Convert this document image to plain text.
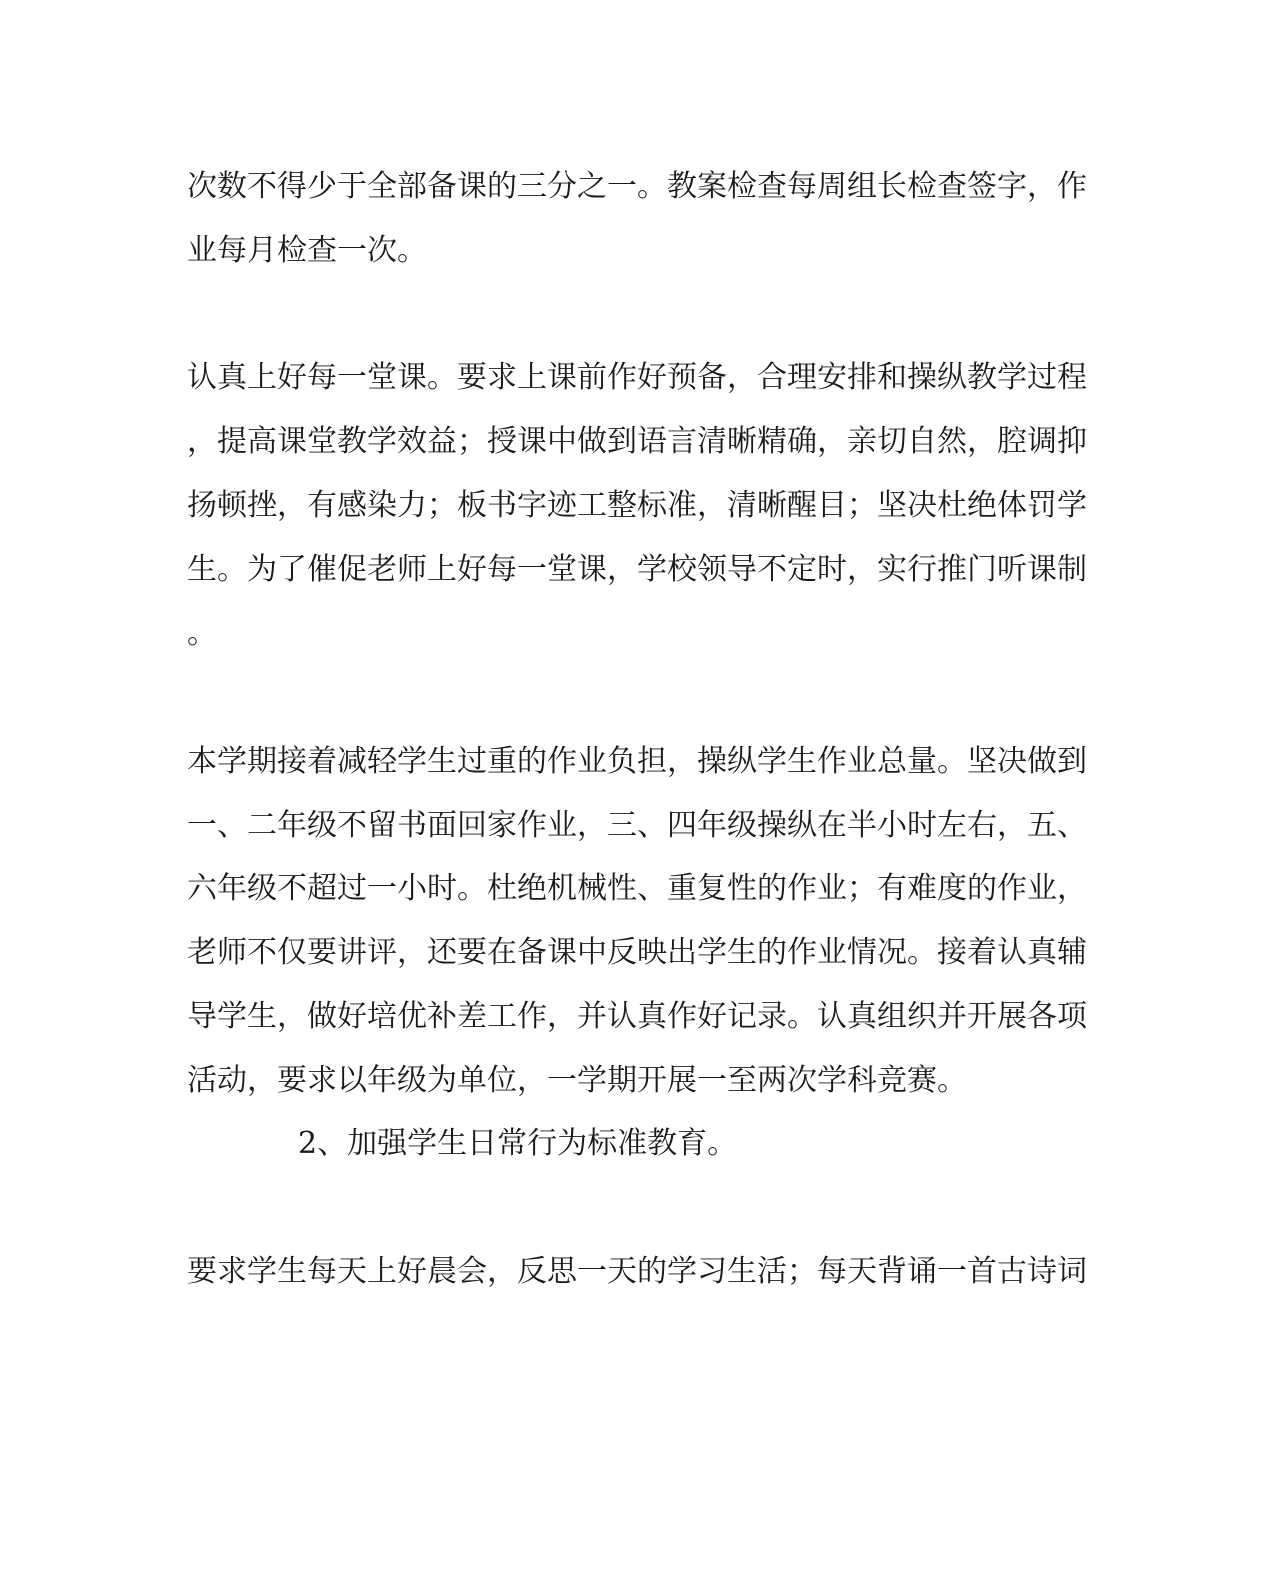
次数不得少于全部备课的三分之一。教案检查每周组长检查签字，作
业每月检查一次。
认真上好每一堂课。要求上课前作好预备，合理安排和操纵教学过程
，提高课堂教学效益；授课中做到语言清晰精确，亲切自然，腔调抑
扬顿挫，有感染力；板书字迹工整标准，清晰醒目；坚决杜绝体罚学
生。为了催促老师上好每一堂课，学校领导不定时，实行推门听课制
。
本学期接着减轻学生过重的作业负担，操纵学生作业总量。坚决做到
一、二年级不留书面回家作业，三、四年级操纵在半小时左右，五、
六年级不超过一小时。杜绝机械性、重复性的作业；有难度的作业，
老师不仅要讲评，还要在备课中反映出学生的作业情况。接着认真辅
导学生，做好培优补差工作，并认真作好记录。认真组织并开展各项
活动，要求以年级为单位，一学期开展一至两次学科竞赛。
2、加强学生日常行为标准教育。
要求学生每天上好晨会，反思一天的学习生活；每天背诵一首古诗词
